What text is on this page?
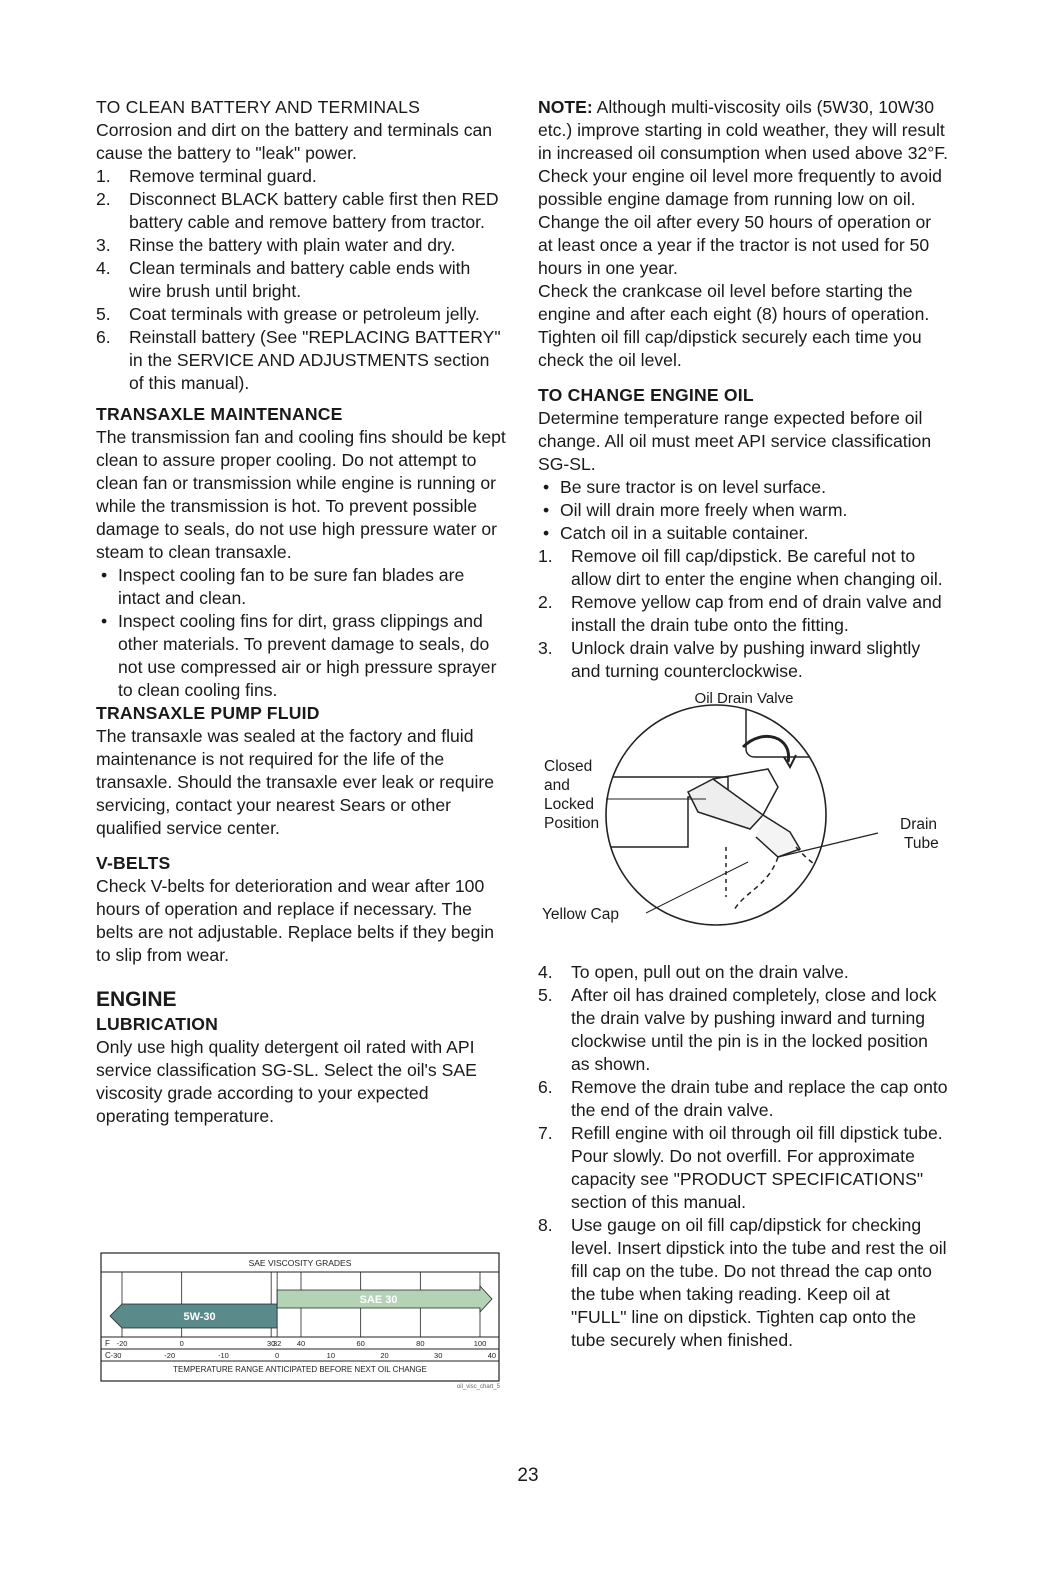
TO CLEAN BATTERY AND TERMINALS

Corrosion and dirt on the battery and terminals can cause the battery to "leak" power.

1. Remove terminal guard.
2. Disconnect BLACK battery cable first then RED battery cable and remove battery from tractor.
3. Rinse the battery with plain water and dry.
4. Clean terminals and battery cable ends with wire brush until bright.
5. Coat terminals with grease or petroleum jelly.
6. Reinstall battery (See "REPLACING BATTERY" in the SERVICE AND ADJUSTMENTS section of this manual).
TRANSAXLE MAINTENANCE

The transmission fan and cooling fins should be kept clean to assure proper cooling. Do not attempt to clean fan or transmission while engine is running or while the transmission is hot. To prevent possible damage to seals, do not use high pressure water or steam to clean transaxle.

• Inspect cooling fan to be sure fan blades are intact and clean.
• Inspect cooling fins for dirt, grass clippings and other materials. To prevent damage to seals, do not use compressed air or high pressure sprayer to clean cooling fins.
TRANSAXLE PUMP FLUID

The transaxle was sealed at the factory and fluid maintenance is not required for the life of the transaxle. Should the transaxle ever leak or require servicing, contact your nearest Sears or other qualified service center.

V-BELTS

Check V-belts for deterioration and wear after 100 hours of operation and replace if necessary. The belts are not adjustable. Replace belts if they begin to slip from wear.

ENGINE
LUBRICATION

Only use high quality detergent oil rated with API service classification SG-SL. Select the oil's SAE viscosity grade according to your expected operating temperature.

SAE VISCOSITY GRADES
F
C
TEMPERATURE RANGE ANTICIPATED BEFORE NEXT OIL CHANGE
5W-30
SAE 30
-20	0	30
32 40	60	80	100
-30	-20	-10	0	10	20	30	40
oil_visc_chart_5

NOTE: Although multi-viscosity oils (5W30, 10W30 etc.) improve starting in cold weather, they will result in increased oil consumption when used above 32°F. Check your engine oil level more frequently to avoid possible engine damage from running low on oil.

Change the oil after every 50 hours of operation or at least once a year if the tractor is not used for 50 hours in one year.

Check the crankcase oil level before starting the engine and after each eight (8) hours of operation. Tighten oil fill cap/dipstick securely each time you check the oil level.

TO CHANGE ENGINE OIL

Determine temperature range expected before oil change. All oil must meet API service classification SG-SL.

• Be sure tractor is on level surface.
• Oil will drain more freely when warm.
• Catch oil in a suitable container.
1. Remove oil fill cap/dipstick. Be careful not to allow dirt to enter the engine when changing oil.
2. Remove yellow cap from end of drain valve and install the drain tube onto the fitting.
3. Unlock drain valve by pushing inward slightly and turning counterclockwise.
Oil Drain Valve
Closed
and
Locked
Position	Drain
Tube
Yellow Cap
4. To open, pull out on the drain valve.
5. After oil has drained completely, close and lock the drain valve by pushing inward and turning clockwise until the pin is in the locked position as shown.
6. Remove the drain tube and replace the cap onto the end of the drain valve.
7. Refill engine with oil through oil fill dipstick tube. Pour slowly. Do not overfill. For approximate capacity see "PRODUCT SPECIFICATIONS" section of this manual.
8. Use gauge on oil fill cap/dipstick for checking level. Insert dipstick into the tube and rest the oil fill cap on the tube. Do not thread the cap onto the tube when taking reading. Keep oil at "FULL" line on dipstick. Tighten cap onto the tube securely when finished.
23
